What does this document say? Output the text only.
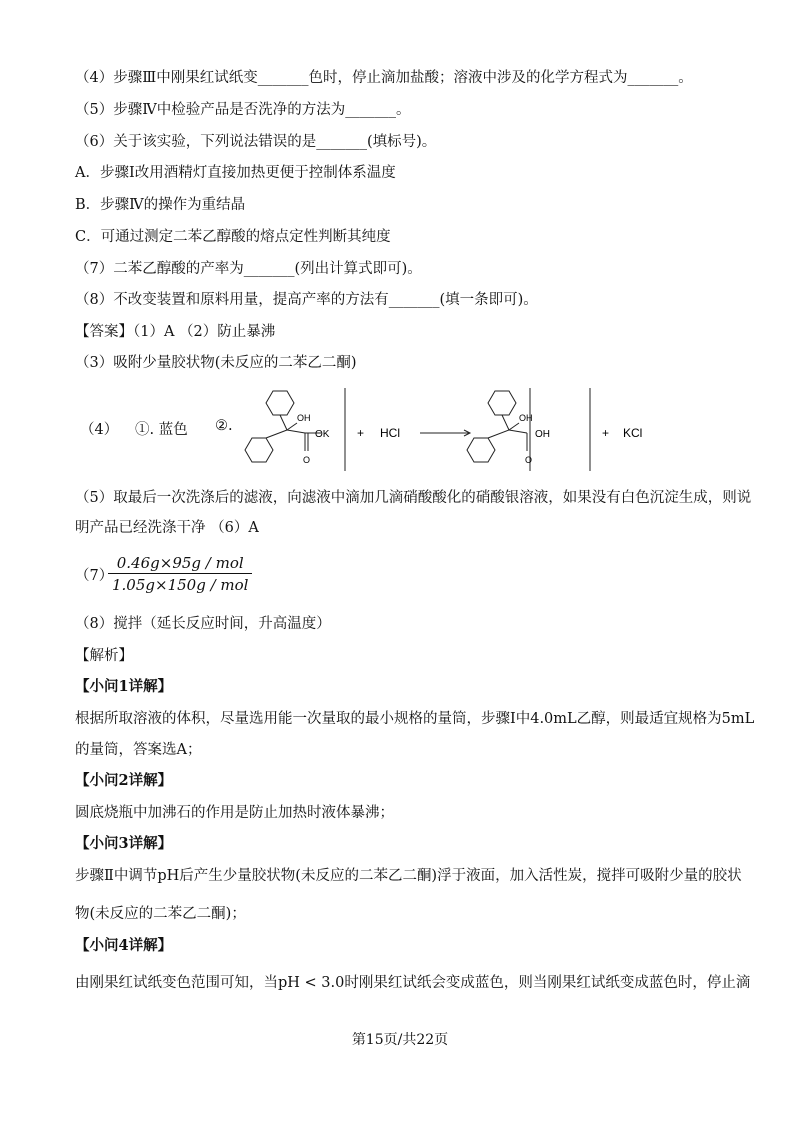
（4）步骤Ⅲ中刚果红试纸变_______色时，停止滴加盐酸；溶液中涉及的化学方程式为_______。
（5）步骤Ⅳ中检验产品是否洗净的方法为_______。
（6）关于该实验，下列说法错误的是_______(填标号)。
A．步骤Ⅰ改用酒精灯直接加热更便于控制体系温度
B．步骤Ⅳ的操作为重结晶
C．可通过测定二苯乙醇酸的熔点定性判断其纯度
（7）二苯乙醇酸的产率为_______(列出计算式即可)。
（8）不改变装置和原料用量，提高产率的方法有_______(填一条即可)。
【答案】（1）A （2）防止暴沸
（3）吸附少量胶状物(未反应的二苯乙二酮)
（4） ①. 蓝色 ②.	OH
OK
O
+ HCl
OH
OH
O
+ KCl
（5）取最后一次洗涤后的滤液，向滤液中滴加几滴硝酸酸化的硝酸银溶液，如果没有白色沉淀生成，则说
明产品已经洗涤干净 （6）A
（7）
0.46g×95g / mol
1.05g×150g / mol
（8）搅拌（延长反应时间，升高温度）
【解析】
【小问1详解】
根据所取溶液的体积，尽量选用能一次量取的最小规格的量筒，步骤Ⅰ中4.0mL乙醇，则最适宜规格为5mL
的量筒，答案选A；
【小问2详解】
圆底烧瓶中加沸石的作用是防止加热时液体暴沸；
【小问3详解】
步骤Ⅱ中调节pH后产生少量胶状物(未反应的二苯乙二酮)浮于液面，加入活性炭，搅拌可吸附少量的胶状
物(未反应的二苯乙二酮)；
【小问4详解】
由刚果红试纸变色范围可知，当pH < 3.0时刚果红试纸会变成蓝色，则当刚果红试纸变成蓝色时，停止滴
第15页/共22页
